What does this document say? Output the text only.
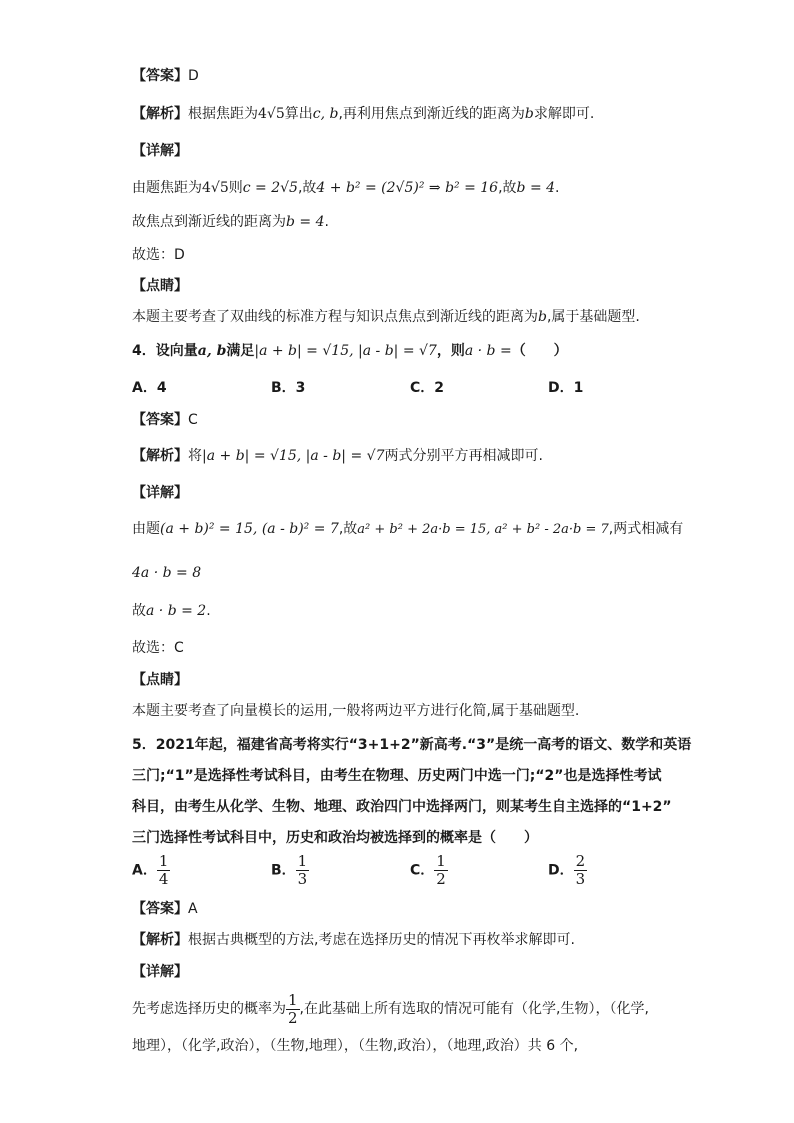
【答案】D
【解析】根据焦距为4√5算出c, b,再利用焦点到渐近线的距离为b求解即可.
【详解】
由题焦距为4√5则c = 2√5,故4 + b² = (2√5)² ⇒ b² = 16,故b = 4.
故焦点到渐近线的距离为b = 4.
故选：D
【点睛】
本题主要考查了双曲线的标准方程与知识点焦点到渐近线的距离为b,属于基础题型.
4．设向量a, b满足|a + b| = √15, |a - b| = √7，则a · b =（　　）
A．4	B．3	C．2	D．1
【答案】C
【解析】将|a + b| = √15, |a - b| = √7两式分别平方再相减即可.
【详解】
由题(a + b)² = 15, (a - b)² = 7,故a² + b² + 2a·b = 15, a² + b² - 2a·b = 7,两式相减有
4a · b = 8
故a · b = 2.
故选：C
【点睛】
本题主要考查了向量模长的运用,一般将两边平方进行化简,属于基础题型.
5．2021年起，福建省高考将实行“3+1+2”新高考.“3”是统一高考的语文、数学和英语
三门;“1”是选择性考试科目，由考生在物理、历史两门中选一门;“2”也是选择性考试
科目，由考生从化学、生物、地理、政治四门中选择两门，则某考生自主选择的“1+2”
三门选择性考试科目中，历史和政治均被选择到的概率是（　　）
A． $\frac{1}{4}$	B． $\frac{1}{3}$	C． $\frac{1}{2}$	D． $\frac{2}{3}$
【答案】A
【解析】根据古典概型的方法,考虑在选择历史的情况下再枚举求解即可.
【详解】
先考虑选择历史的概率为 $\frac{1}{2}$ ,在此基础上所有选取的情况可能有（化学,生物），（化学,
地理），（化学,政治），（生物,地理），（生物,政治），（地理,政治）共 6 个,
